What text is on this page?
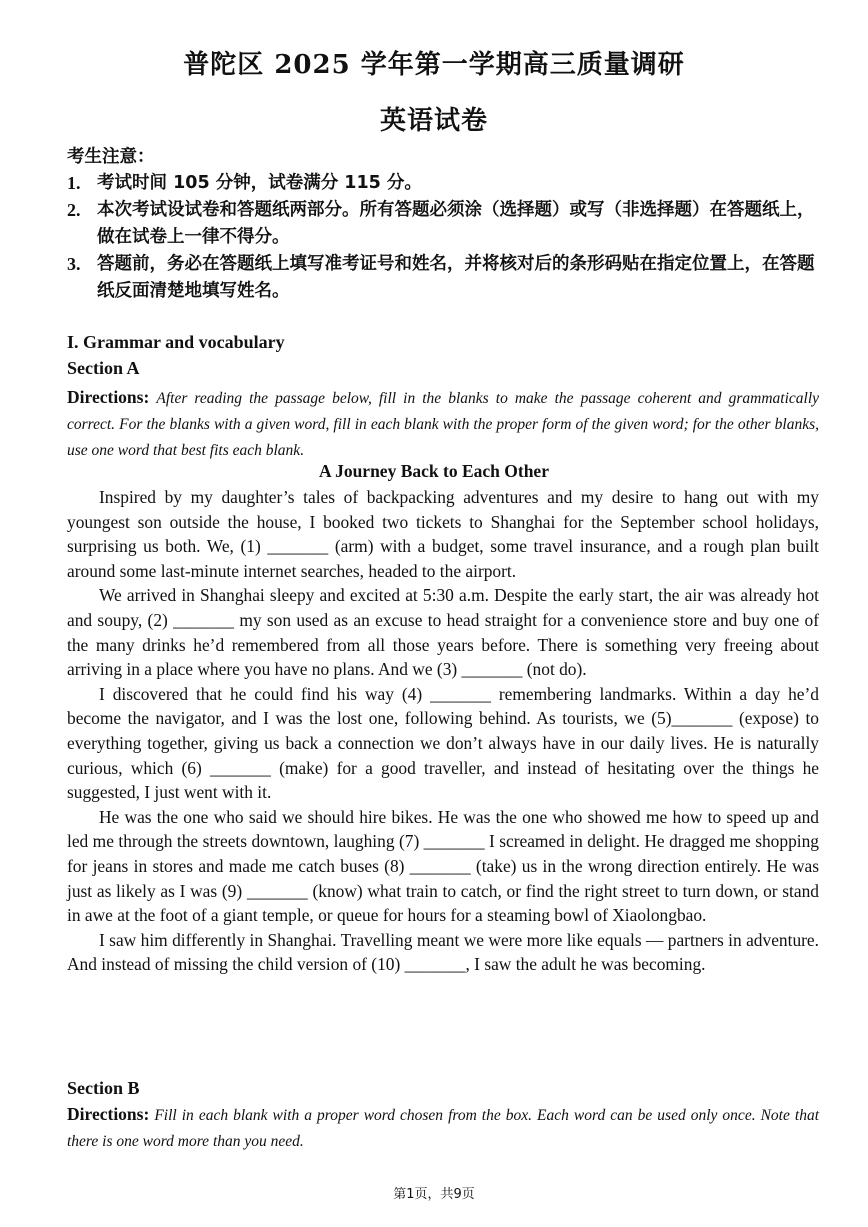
普陀区 2025 学年第一学期高三质量调研
英语试卷

考生注意：

1. 考试时间 105 分钟，试卷满分 115 分。
2. 本次考试设试卷和答题纸两部分。所有答题必须涂（选择题）或写（非选择题）在答题纸上，做在试卷上一律不得分。
3. 答题前，务必在答题纸上填写准考证号和姓名，并将核对后的条形码贴在指定位置上，在答题纸反面清楚地填写姓名。
I. Grammar and vocabulary
Section A

Directions: After reading the passage below, fill in the blanks to make the passage coherent and grammatically correct. For the blanks with a given word, fill in each blank with the proper form of the given word; for the other blanks, use one word that best fits each blank.

A Journey Back to Each Other

Inspired by my daughter’s tales of backpacking adventures and my desire to hang out with my youngest son outside the house, I booked two tickets to Shanghai for the September school holidays, surprising us both. We, (1) _______ (arm) with a budget, some travel insurance, and a rough plan built around some last-minute internet searches, headed to the airport.

We arrived in Shanghai sleepy and excited at 5:30 a.m. Despite the early start, the air was already hot and soupy, (2) _______ my son used as an excuse to head straight for a convenience store and buy one of the many drinks he’d remembered from all those years before. There is something very freeing about arriving in a place where you have no plans. And we (3) _______ (not do).

I discovered that he could find his way (4) _______ remembering landmarks. Within a day he’d become the navigator, and I was the lost one, following behind. As tourists, we (5)_______ (expose) to everything together, giving us back a connection we don’t always have in our daily lives. He is naturally curious, which (6) _______ (make) for a good traveller, and instead of hesitating over the things he suggested, I just went with it.

He was the one who said we should hire bikes. He was the one who showed me how to speed up and led me through the streets downtown, laughing (7) _______ I screamed in delight. He dragged me shopping for jeans in stores and made me catch buses (8) _______ (take) us in the wrong direction entirely. He was just as likely as I was (9) _______ (know) what train to catch, or find the right street to turn down, or stand in awe at the foot of a giant temple, or queue for hours for a steaming bowl of Xiaolongbao.

I saw him differently in Shanghai. Travelling meant we were more like equals — partners in adventure. And instead of missing the child version of (10) _______, I saw the adult he was becoming.

Section B

Directions: Fill in each blank with a proper word chosen from the box. Each word can be used only once. Note that there is one word more than you need.

第1页，共9页
